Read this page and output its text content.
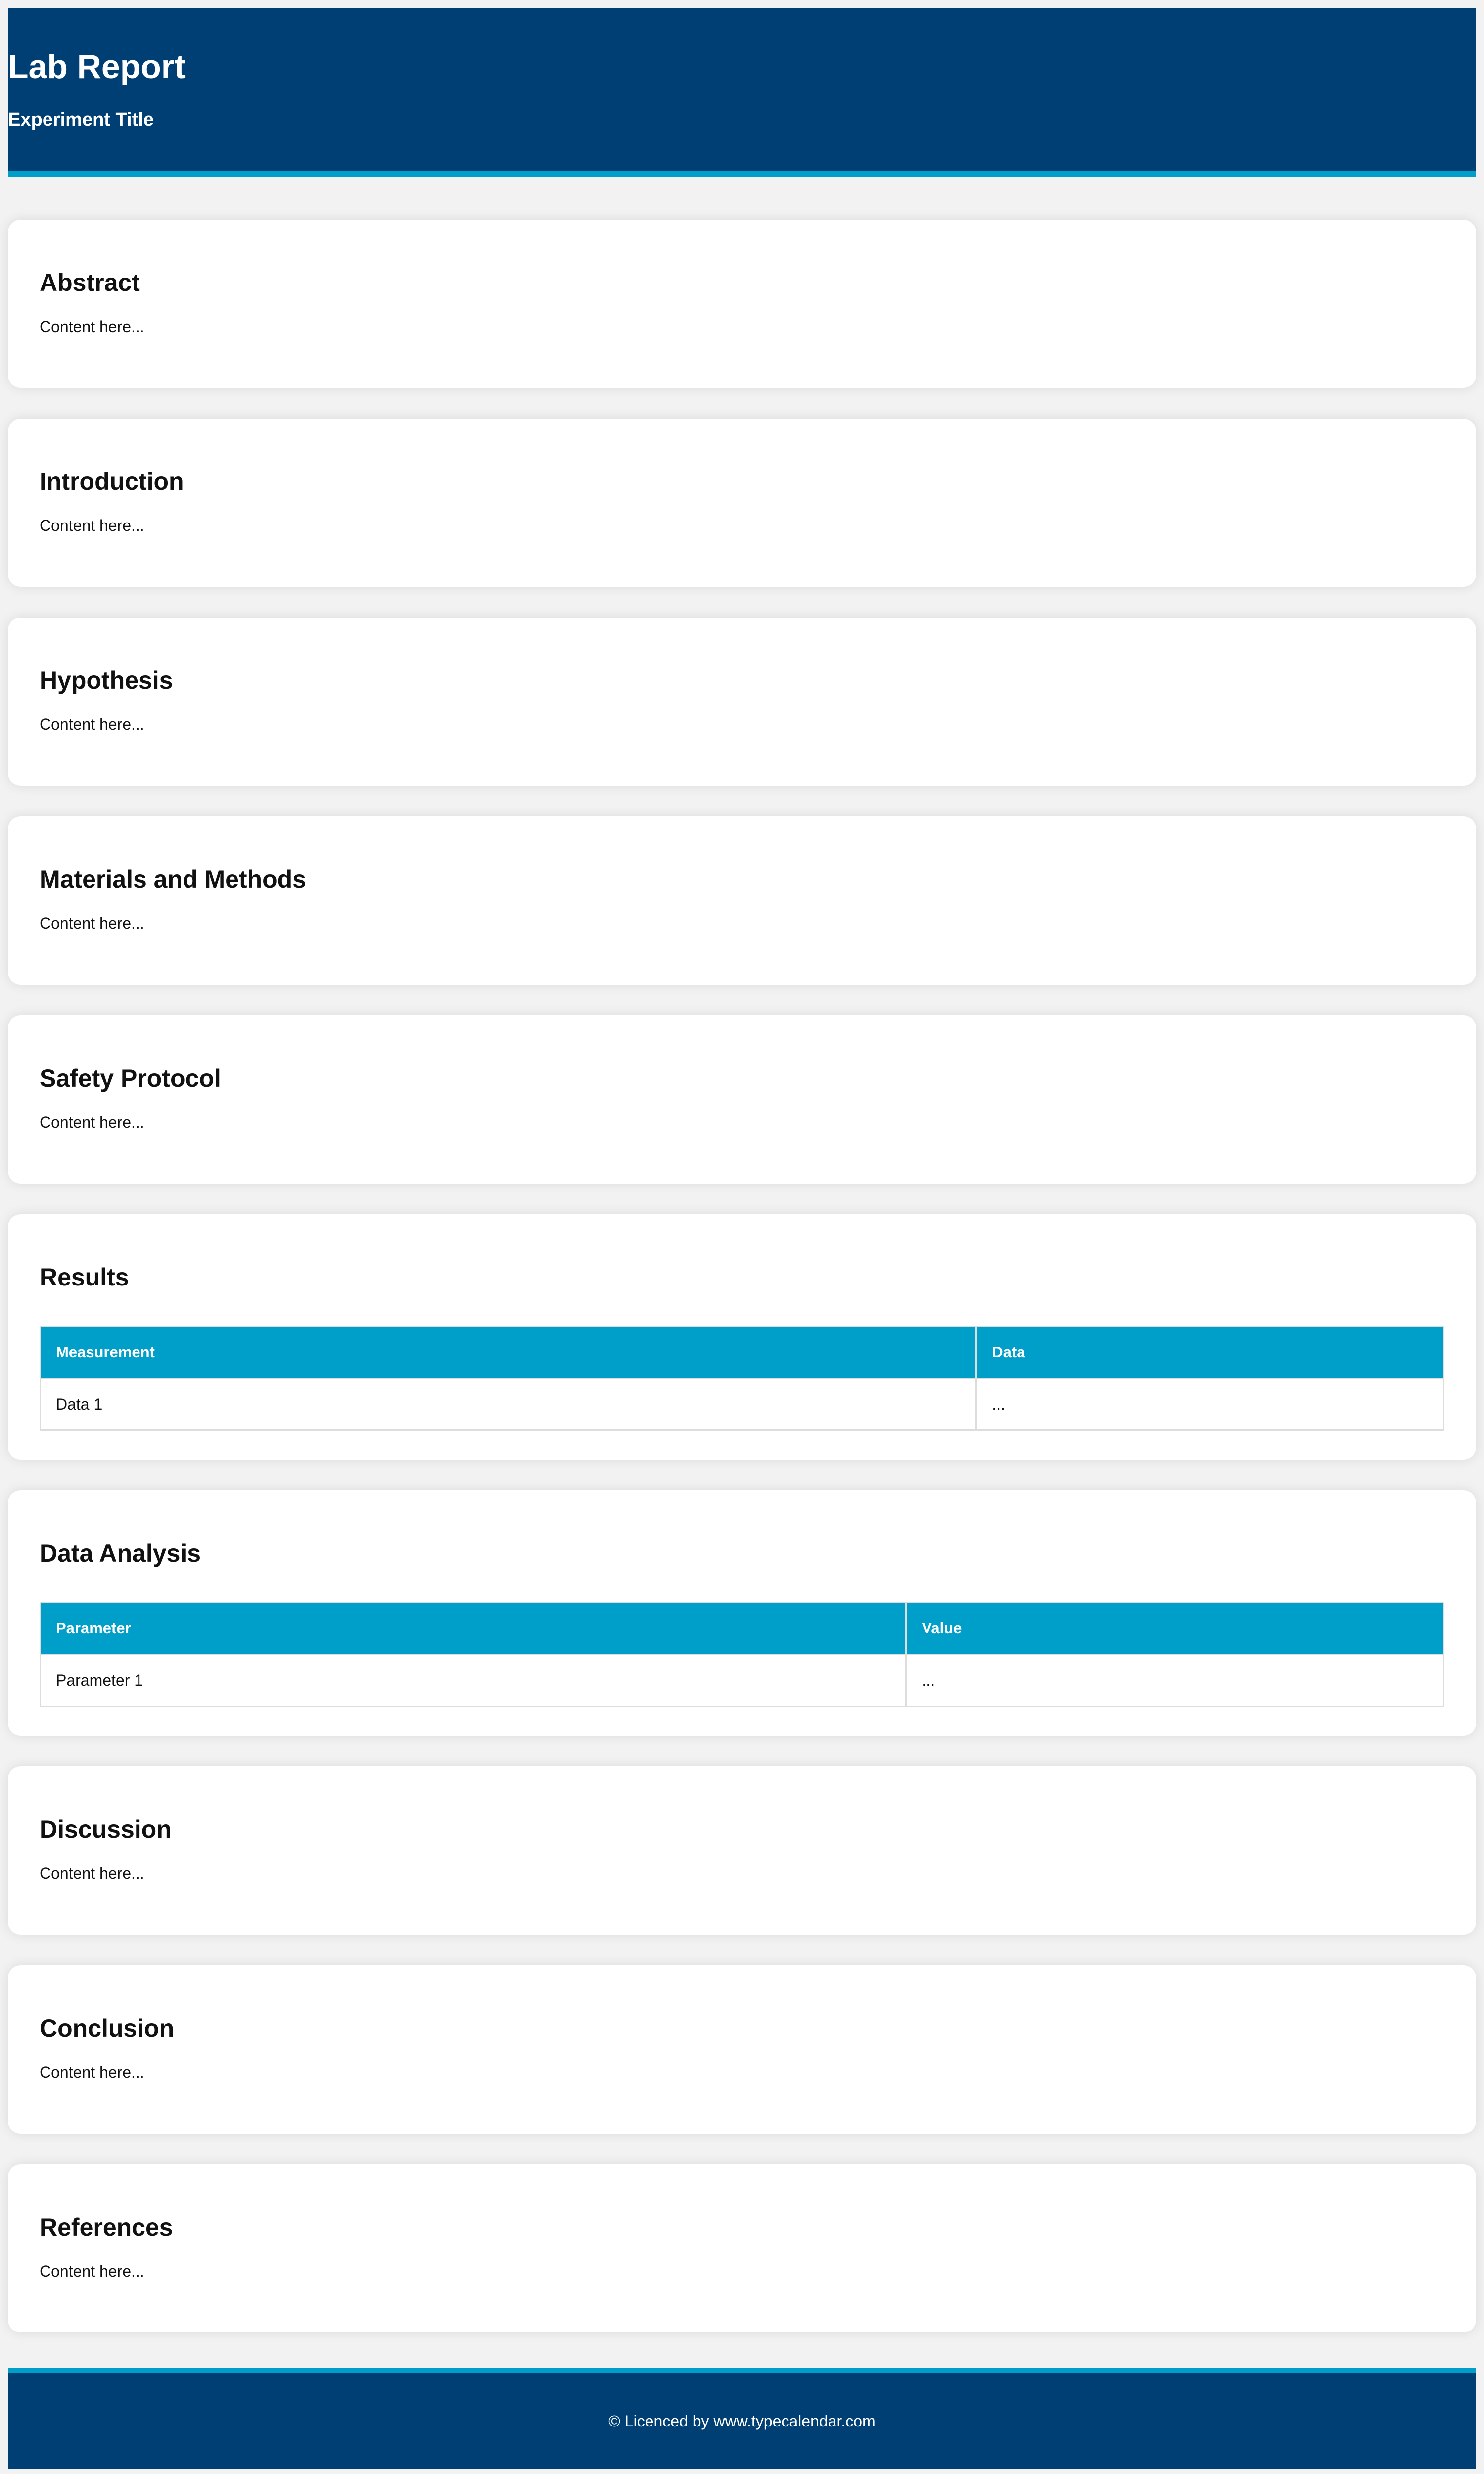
Lab Report
Experiment Title
Abstract

Content here...

Introduction

Content here...

Hypothesis

Content here...

Materials and Methods

Content here...

Safety Protocol

Content here...

Results
Measurement	Data
Data 1	...
Data Analysis
Parameter	Value
Parameter 1	...
Discussion

Content here...

Conclusion

Content here...

References

Content here...

© Licenced by www.typecalendar.com
